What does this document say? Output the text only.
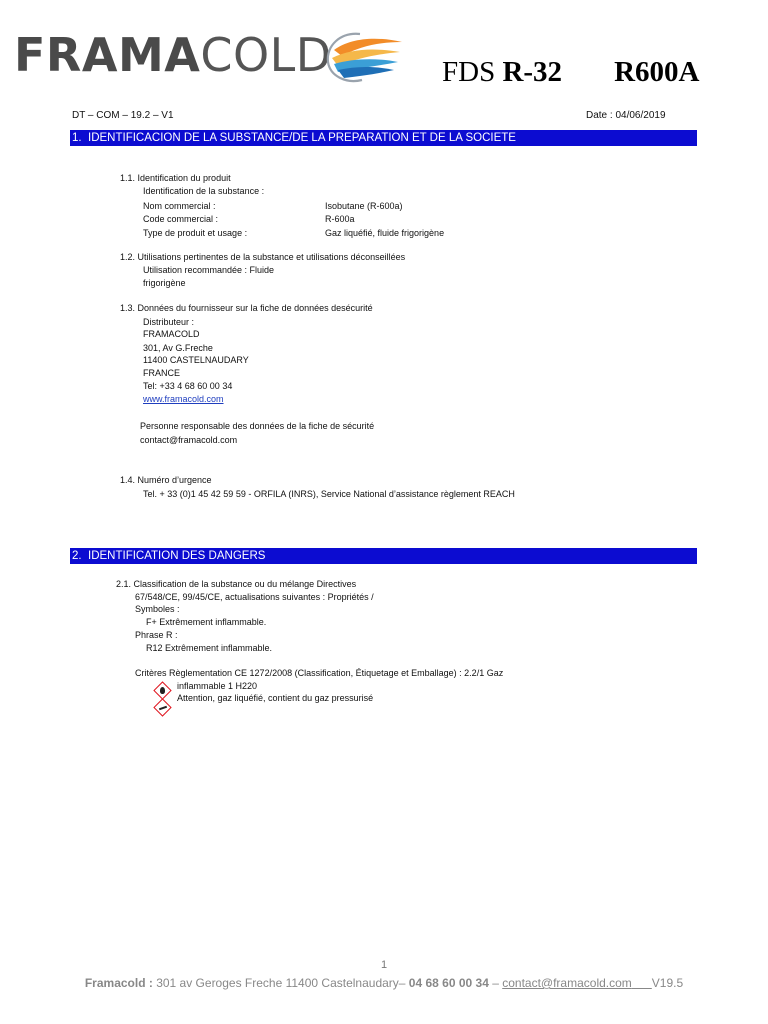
FRAMACOLD	FDS R-32 R600A
DT – COM – 19.2 – V1	Date : 04/06/2019
1. IDENTIFICACION DE LA SUBSTANCE/DE LA PREPARATION ET DE LA SOCIETE
1.1. Identification du produit
Identification de la substance :
Nom commercial :	Isobutane (R-600a)
Code commercial :	R-600a
Type de produit et usage :	Gaz liquéfié, fluide frigorigène
1.2. Utilisations pertinentes de la substance et utilisations déconseillées
Utilisation recommandée : Fluide
frigorigène
1.3. Données du fournisseur sur la fiche de données desécurité
Distributeur :
FRAMACOLD
301, Av G.Freche
11400 CASTELNAUDARY
FRANCE
Tel: +33 4 68 60 00 34
www.framacold.com
Personne responsable des données de la fiche de sécurité
contact@framacold.com
1.4. Numéro d’urgence
Tel. + 33 (0)1 45 42 59 59 - ORFILA (INRS), Service National d’assistance règlement REACH
2. IDENTIFICATION DES DANGERS
2.1. Classification de la substance ou du mélange Directives
67/548/CE, 99/45/CE, actualisations suivantes : Propriétés /
Symboles :
F+ Extrêmement inflammable.
Phrase R :
R12 Extrêmement inflammable.
Critères Règlementation CE 1272/2008 (Classification, Étiquetage et Emballage) : 2.2/1 Gaz
inflammable 1 H220
Attention, gaz liquéfié, contient du gaz pressurisé
1
Framacold : 301 av Geroges Freche 11400 Castelnaudary– 04 68 60 00 34 – contact@framacold.com V19.5
